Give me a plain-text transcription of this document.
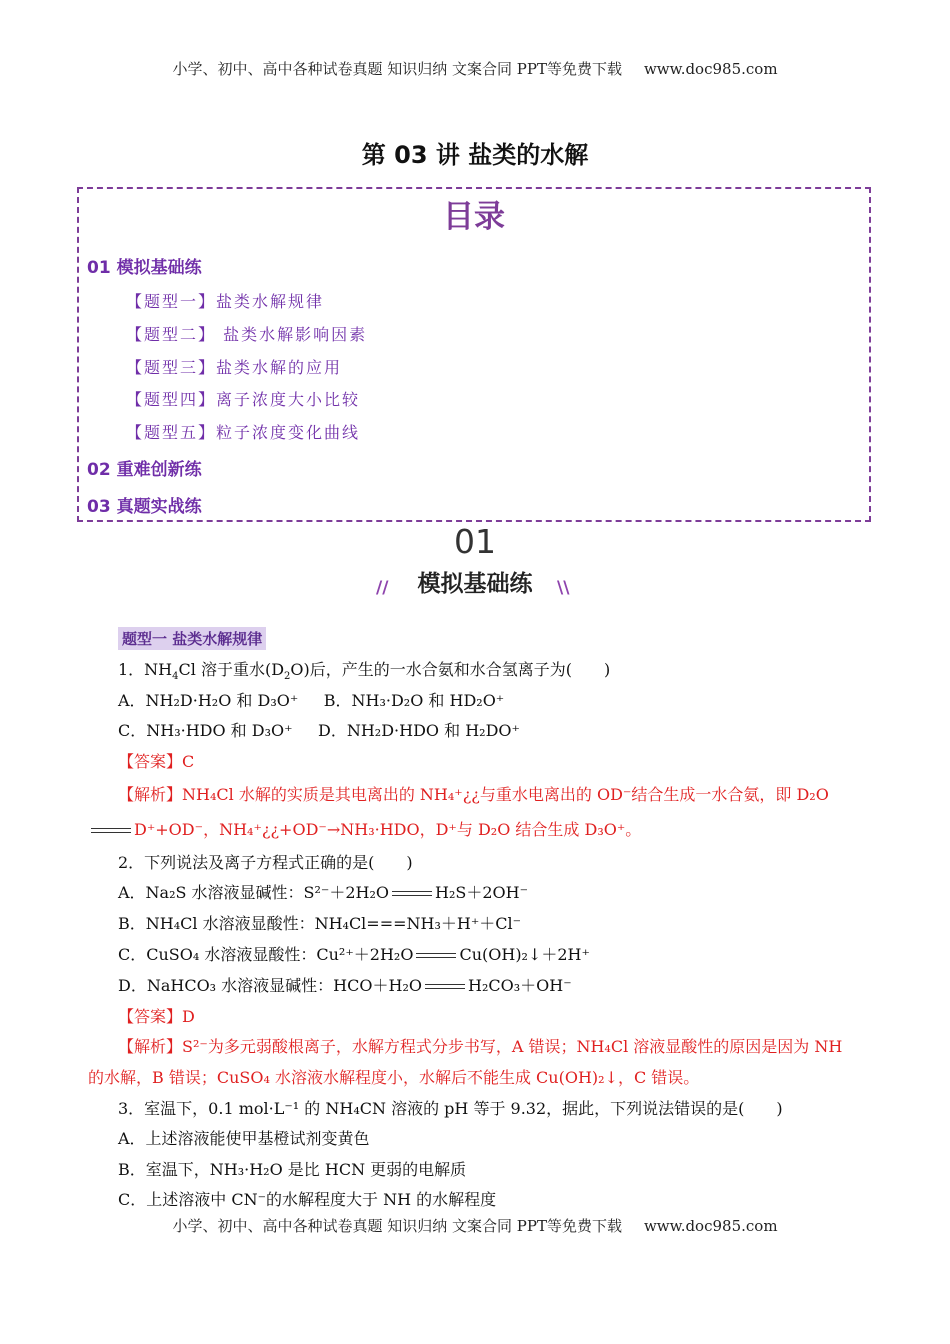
小学、初中、高中各种试卷真题 知识归纳 文案合同 PPT等免费下载 www.doc985.com
第 03 讲 盐类的水解
目录
01 模拟基础练
【题型一】盐类水解规律
【题型二】 盐类水解影响因素
【题型三】盐类水解的应用
【题型四】离子浓度大小比较
【题型五】粒子浓度变化曲线
02 重难创新练
03 真题实战练
01
//	模拟基础练	\\
题型一 盐类水解规律
1．$NH_4Cl$ 溶于重水$(D_2O)$后，产生的一水合氨和水合氢离子为(　　)
A．NH₂D·H₂O 和 D₃O⁺ B．NH₃·D₂O 和 HD₂O⁺
C．NH₃·HDO 和 D₃O⁺ D．NH₂D·HDO 和 H₂DO⁺
【答案】C
【解析】NH₄Cl 水解的实质是其电离出的 NH₄⁺¿¿与重水电离出的 OD⁻结合生成一水合氨，即 D₂O
D⁺+OD⁻，NH₄⁺¿¿+OD⁻→NH₃·HDO，D⁺与 D₂O 结合生成 D₃O⁺。
2．下列说法及离子方程式正确的是(　　)
A．Na₂S 水溶液显碱性：S²⁻＋2H₂O	H₂S＋2OH⁻
B．NH₄Cl 水溶液显酸性：NH₄Cl===NH₃＋H⁺＋Cl⁻
C．CuSO₄ 水溶液显酸性：Cu²⁺＋2H₂O	Cu(OH)₂↓＋2H⁺
D．NaHCO₃ 水溶液显碱性：HCO＋H₂O	H₂CO₃＋OH⁻
【答案】D
【解析】S²⁻为多元弱酸根离子，水解方程式分步书写，A 错误；NH₄Cl 溶液显酸性的原因是因为 NH
的水解，B 错误；CuSO₄ 水溶液水解程度小，水解后不能生成 Cu(OH)₂↓，C 错误。
3．室温下，0.1 mol·L⁻¹ 的 NH₄CN 溶液的 pH 等于 9.32，据此，下列说法错误的是(　　)
A．上述溶液能使甲基橙试剂变黄色
B．室温下，NH₃·H₂O 是比 HCN 更弱的电解质
C．上述溶液中 CN⁻的水解程度大于 NH 的水解程度
小学、初中、高中各种试卷真题 知识归纳 文案合同 PPT等免费下载 www.doc985.com
